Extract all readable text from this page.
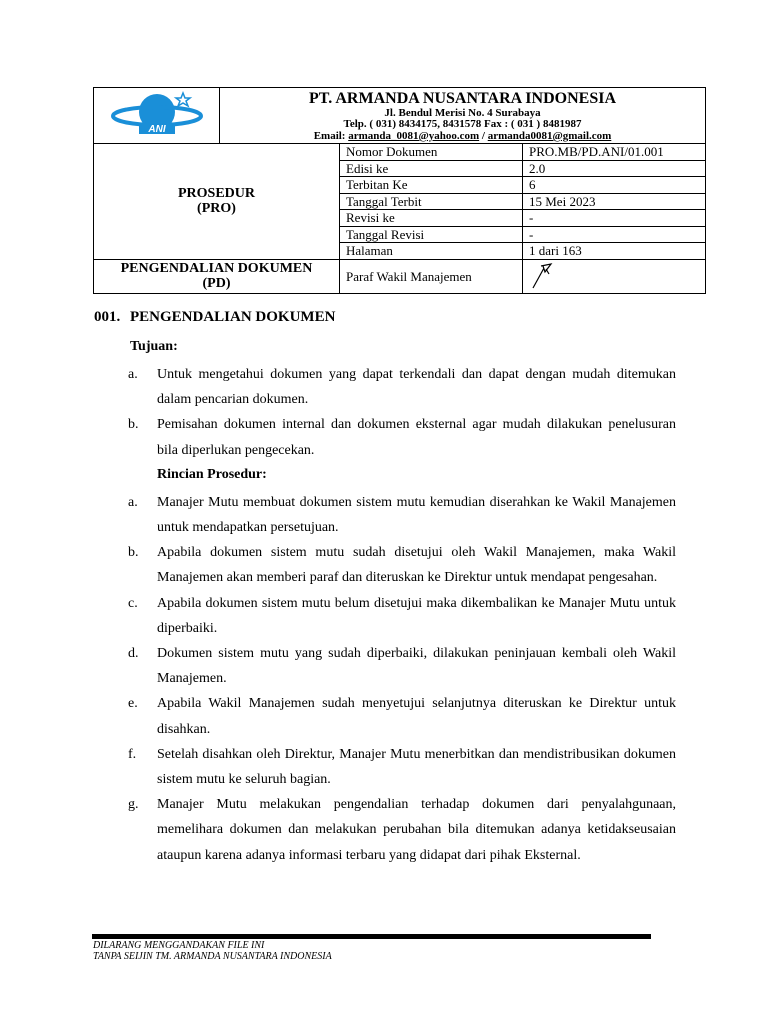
ANI	PT. ARMANDA NUSANTARA INDONESIA
Jl. Bendul Merisi No. 4 Surabaya
Telp. ( 031) 8434175, 8431578 Fax : ( 031 ) 8481987
Email: armanda_0081@yahoo.com / armanda0081@gmail.com		

PROSEDUR
(PRO)		Nomor Dokumen	PRO.MB/PD.ANI/01.001
		Edisi ke	2.0
		Terbitan Ke	6
		Tanggal Terbit	15 Mei 2023
		Revisi ke	-
		Tanggal Revisi	-
		Halaman	1 dari 163

PENGENDALIAN DOKUMEN
(PD)		Paraf Wakil Manajemen	
001. PENGENDALIAN DOKUMEN
Tujuan:
a. Untuk mengetahui dokumen yang dapat terkendali dan dapat dengan mudah ditemukan dalam pencarian dokumen.
b. Pemisahan dokumen internal dan dokumen eksternal agar mudah dilakukan penelusuran bila diperlukan pengecekan.
Rincian Prosedur:
a. Manajer Mutu membuat dokumen sistem mutu kemudian diserahkan ke Wakil Manajemen untuk mendapatkan persetujuan.
b. Apabila dokumen sistem mutu sudah disetujui oleh Wakil Manajemen, maka Wakil Manajemen akan memberi paraf dan diteruskan ke Direktur untuk mendapat pengesahan.
c. Apabila dokumen sistem mutu belum disetujui maka dikembalikan ke Manajer Mutu untuk diperbaiki.
d. Dokumen sistem mutu yang sudah diperbaiki, dilakukan peninjauan kembali oleh Wakil Manajemen.
e. Apabila Wakil Manajemen sudah menyetujui selanjutnya diteruskan ke Direktur untuk disahkan.
f. Setelah disahkan oleh Direktur, Manajer Mutu menerbitkan dan mendistribusikan dokumen sistem mutu ke seluruh bagian.
g. Manajer Mutu melakukan pengendalian terhadap dokumen dari penyalahgunaan, memelihara dokumen dan melakukan perubahan bila ditemukan adanya ketidakseusaian ataupun karena adanya informasi terbaru yang didapat dari pihak Eksternal.
DILARANG MENGGANDAKAN FILE INI
TANPA SEIJIN TM. ARMANDA NUSANTARA INDONESIA
